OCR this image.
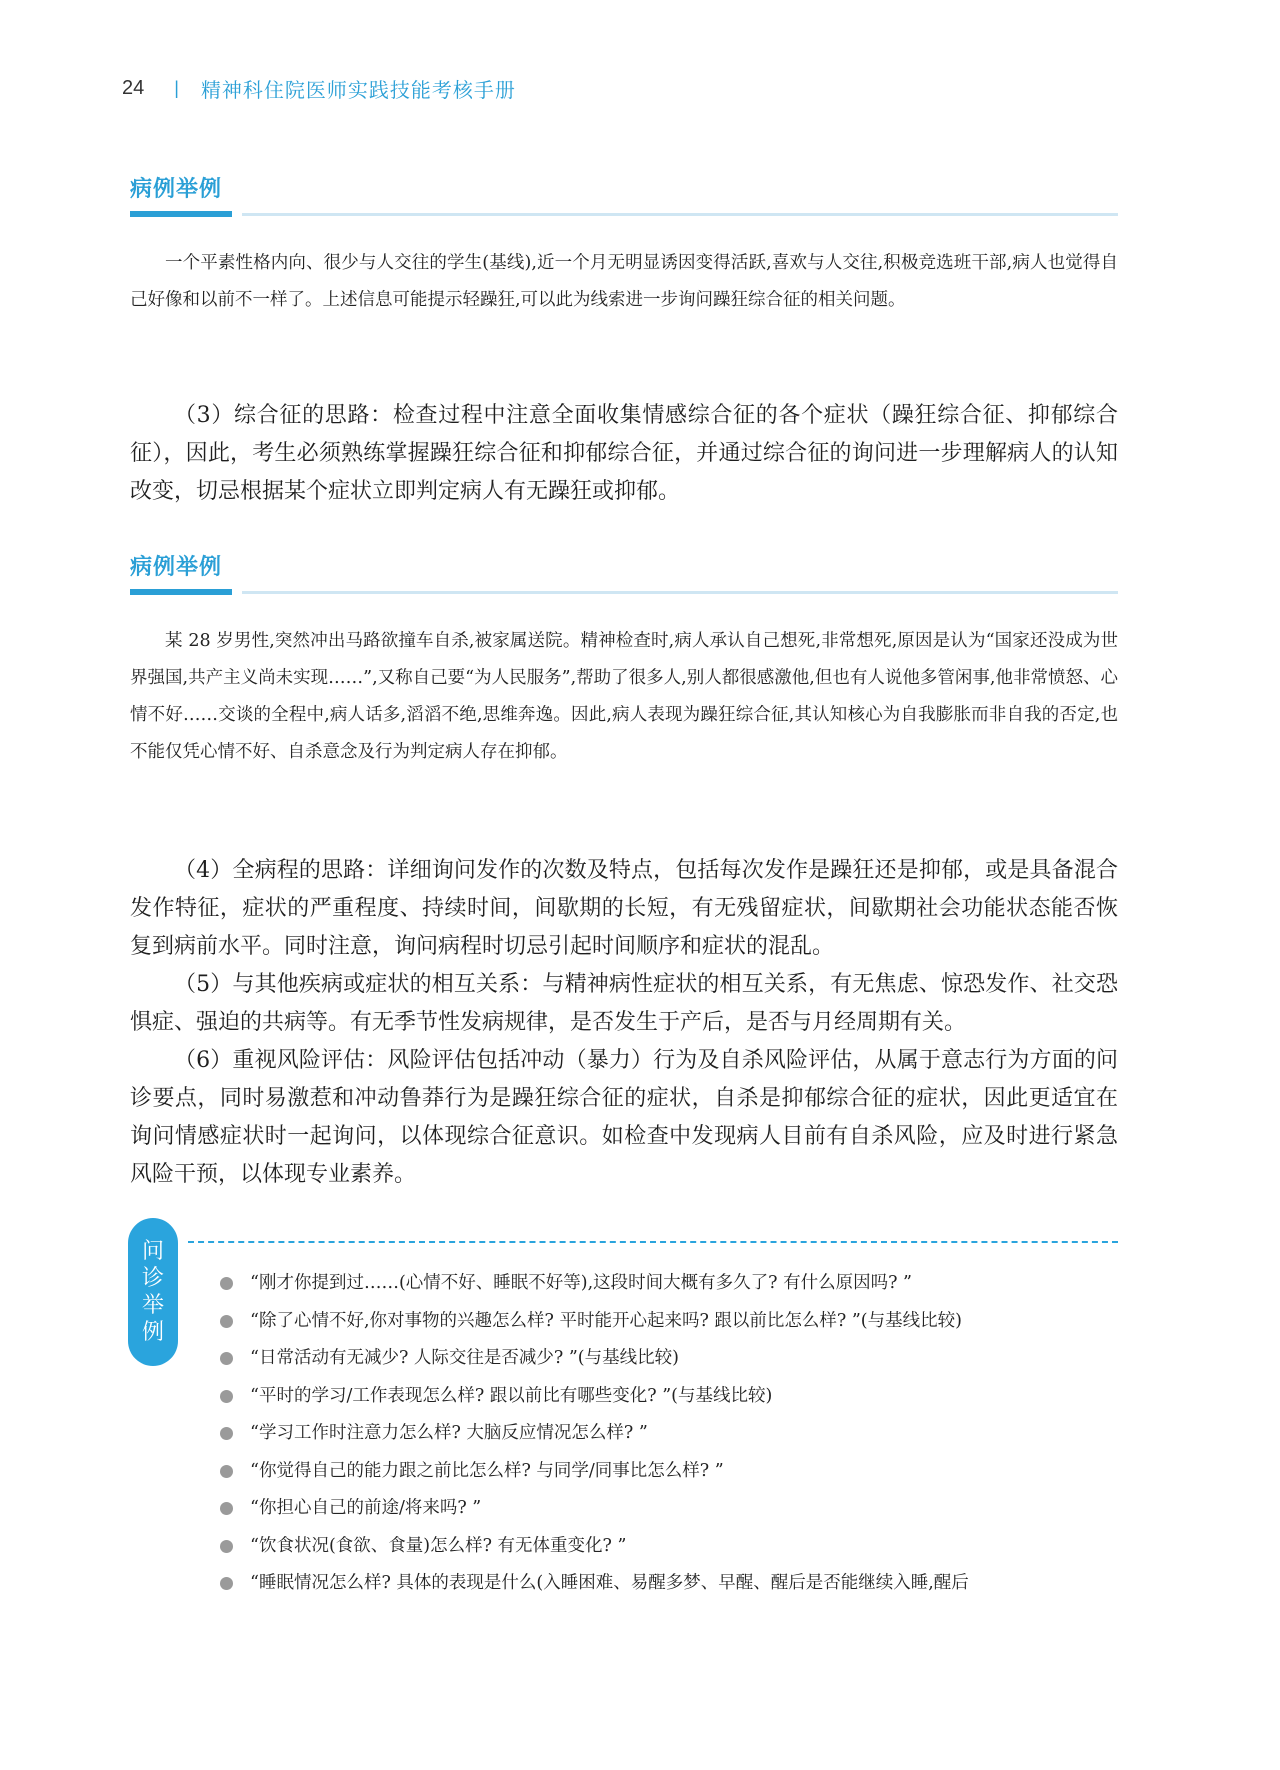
24 | 精神科住院医师实践技能考核手册
病例举例

一个平素性格内向、很少与人交往的学生(基线),近一个月无明显诱因变得活跃,喜欢与人交往,积极竞选班干部,病人也觉得自己好像和以前不一样了。上述信息可能提示轻躁狂,可以此为线索进一步询问躁狂综合征的相关问题。

（3）综合征的思路：检查过程中注意全面收集情感综合征的各个症状（躁狂综合征、抑郁综合征），因此，考生必须熟练掌握躁狂综合征和抑郁综合征，并通过综合征的询问进一步理解病人的认知改变，切忌根据某个症状立即判定病人有无躁狂或抑郁。

病例举例

某 28 岁男性,突然冲出马路欲撞车自杀,被家属送院。精神检查时,病人承认自己想死,非常想死,原因是认为“国家还没成为世界强国,共产主义尚未实现……”,又称自己要“为人民服务”,帮助了很多人,别人都很感激他,但也有人说他多管闲事,他非常愤怒、心情不好……交谈的全程中,病人话多,滔滔不绝,思维奔逸。因此,病人表现为躁狂综合征,其认知核心为自我膨胀而非自我的否定,也不能仅凭心情不好、自杀意念及行为判定病人存在抑郁。

（4）全病程的思路：详细询问发作的次数及特点，包括每次发作是躁狂还是抑郁，或是具备混合发作特征，症状的严重程度、持续时间，间歇期的长短，有无残留症状，间歇期社会功能状态能否恢复到病前水平。同时注意，询问病程时切忌引起时间顺序和症状的混乱。

（5）与其他疾病或症状的相互关系：与精神病性症状的相互关系，有无焦虑、惊恐发作、社交恐惧症、强迫的共病等。有无季节性发病规律，是否发生于产后，是否与月经周期有关。

（6）重视风险评估：风险评估包括冲动（暴力）行为及自杀风险评估，从属于意志行为方面的问诊要点，同时易激惹和冲动鲁莽行为是躁狂综合征的症状，自杀是抑郁综合征的症状，因此更适宜在询问情感症状时一起询问，以体现综合征意识。如检查中发现病人目前有自杀风险，应及时进行紧急风险干预，以体现专业素养。

问
诊
举
例
“刚才你提到过……(心情不好、睡眠不好等),这段时间大概有多久了? 有什么原因吗? ”
“除了心情不好,你对事物的兴趣怎么样? 平时能开心起来吗? 跟以前比怎么样? ”(与基线比较)
“日常活动有无减少? 人际交往是否减少? ”(与基线比较)
“平时的学习/工作表现怎么样? 跟以前比有哪些变化? ”(与基线比较)
“学习工作时注意力怎么样? 大脑反应情况怎么样? ”
“你觉得自己的能力跟之前比怎么样? 与同学/同事比怎么样? ”
“你担心自己的前途/将来吗? ”
“饮食状况(食欲、食量)怎么样? 有无体重变化? ”
“睡眠情况怎么样? 具体的表现是什么(入睡困难、易醒多梦、早醒、醒后是否能继续入睡,醒后
